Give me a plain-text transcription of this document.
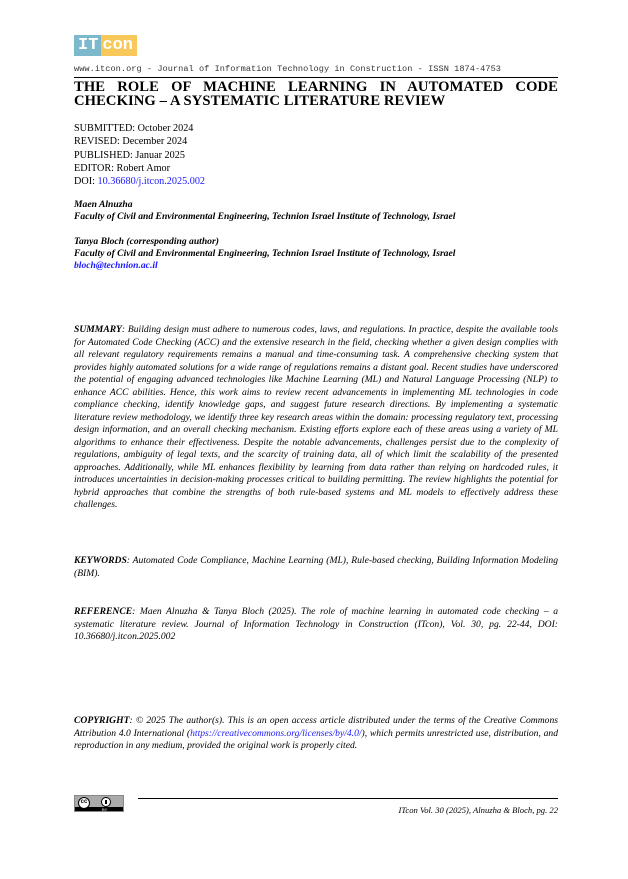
IT con
www.itcon.org - Journal of Information Technology in Construction - ISSN 1874-4753
THE ROLE OF MACHINE LEARNING IN AUTOMATED CODE
CHECKING – A SYSTEMATIC LITERATURE REVIEW
SUBMITTED: October 2024
REVISED: December 2024
PUBLISHED: Januar 2025
EDITOR: Robert Amor
DOI: 10.36680/j.itcon.2025.002
Maen Alnuzha
Faculty of Civil and Environmental Engineering, Technion Israel Institute of Technology, Israel
Tanya Bloch (corresponding author)
Faculty of Civil and Environmental Engineering, Technion Israel Institute of Technology, Israel
bloch@technion.ac.il

SUMMARY: Building design must adhere to numerous codes, laws, and regulations. In practice, despite the available tools for Automated Code Checking (ACC) and the extensive research in the field, checking whether a given design complies with all relevant regulatory requirements remains a manual and time-consuming task. A comprehensive checking system that provides highly automated solutions for a wide range of regulations remains a distant goal. Recent studies have underscored the potential of engaging advanced technologies like Machine Learning (ML) and Natural Language Processing (NLP) to enhance ACC abilities. Hence, this work aims to review recent advancements in implementing ML technologies in code compliance checking, identify knowledge gaps, and suggest future research directions. By implementing a systematic literature review methodology, we identify three key research areas within the domain: processing regulatory text, processing design information, and an overall checking mechanism. Existing efforts explore each of these areas using a variety of ML algorithms to enhance their effectiveness. Despite the notable advancements, challenges persist due to the complexity of regulations, ambiguity of legal texts, and the scarcity of training data, all of which limit the scalability of the presented approaches. Additionally, while ML enhances flexibility by learning from data rather than relying on hardcoded rules, it introduces uncertainties in decision-making processes critical to building permitting. The review highlights the potential for hybrid approaches that combine the strengths of both rule-based systems and ML models to effectively address these challenges.

KEYWORDS: Automated Code Compliance, Machine Learning (ML), Rule-based checking, Building Information Modeling (BIM).

REFERENCE: Maen Alnuzha & Tanya Bloch (2025). The role of machine learning in automated code checking – a systematic literature review. Journal of Information Technology in Construction (ITcon), Vol. 30, pg. 22-44, DOI: 10.36680/j.itcon.2025.002

COPYRIGHT: © 2025 The author(s). This is an open access article distributed under the terms of the Creative Commons Attribution 4.0 International (https://creativecommons.org/licenses/by/4.0/), which permits unrestricted use, distribution, and reproduction in any medium, provided the original work is properly cited.

cc
BY	ITcon Vol. 30 (2025), Alnuzha & Bloch, pg. 22
